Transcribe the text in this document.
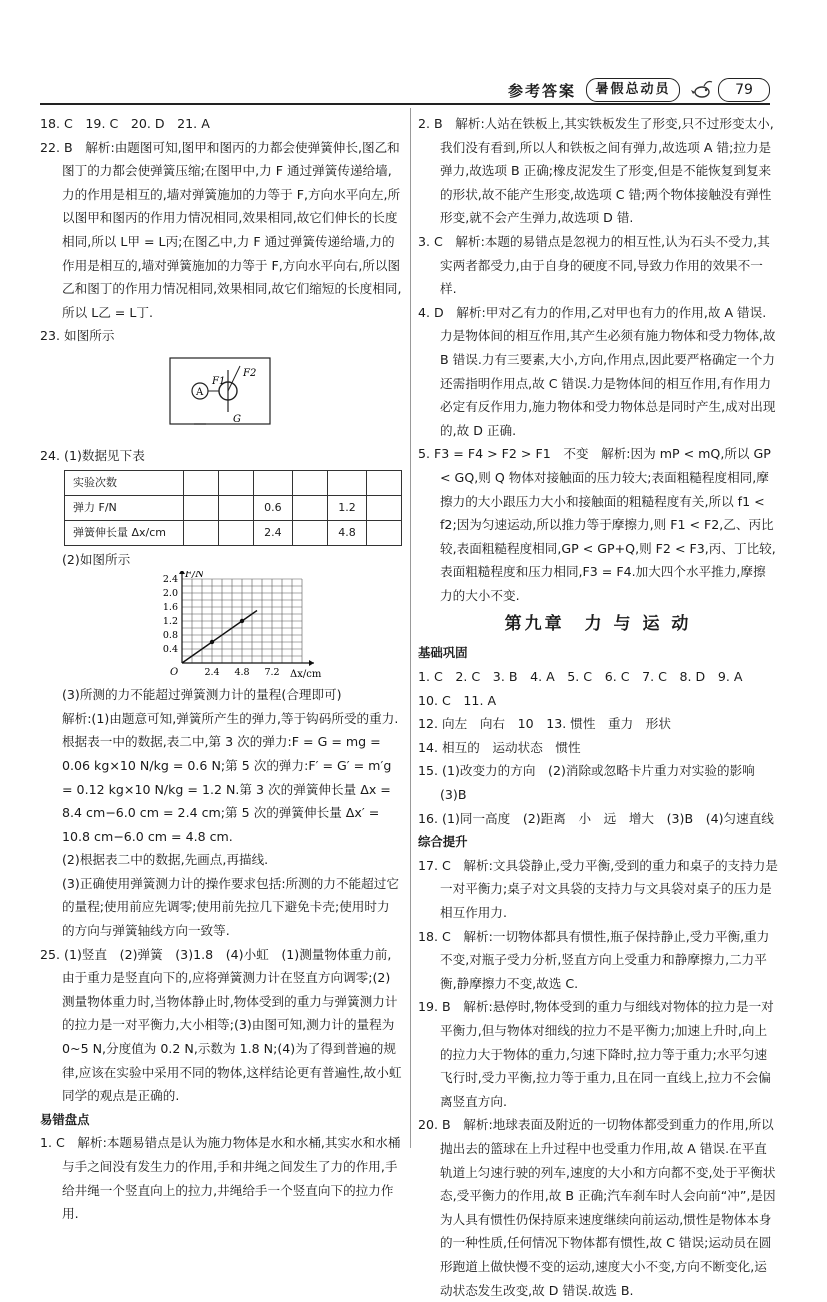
参考答案	暑假总动员	79

18. C　19. C　20. D　21. A

22. B　解析:由题图可知,图甲和图丙的力都会使弹簧伸长,图乙和图丁的力都会使弹簧压缩;在图甲中,力 F 通过弹簧传递给墙,力的作用是相互的,墙对弹簧施加的力等于 F,方向水平向左,所以图甲和图丙的作用力情况相同,效果相同,故它们伸长的长度相同,所以 L甲 = L丙;在图乙中,力 F 通过弹簧传递给墙,力的作用是相互的,墙对弹簧施加的力等于 F,方向水平向右,所以图乙和图丁的作用力情况相同,效果相同,故它们缩短的长度相同,所以 L乙 = L丁.

23. 如图所示

A
F1
F2
G

24. (1)数据见下表

实验次数						
弹力 F/N			0.6		1.2	
弹簧伸长量 Δx/cm			2.4		4.8	

(2)如图所示

F/N
Δx/cm
O
0.4
0.8
1.2
1.6
2.0
2.4
2.4 4.8 7.2

(3)所测的力不能超过弹簧测力计的量程(合理即可)

解析:(1)由题意可知,弹簧所产生的弹力,等于钩码所受的重力.根据表一中的数据,表二中,第 3 次的弹力:F = G = mg = 0.06 kg×10 N/kg = 0.6 N;第 5 次的弹力:F′ = G′ = m′g = 0.12 kg×10 N/kg = 1.2 N.第 3 次的弹簧伸长量 Δx = 8.4 cm−6.0 cm = 2.4 cm;第 5 次的弹簧伸长量 Δx′ = 10.8 cm−6.0 cm = 4.8 cm.

(2)根据表二中的数据,先画点,再描线.

(3)正确使用弹簧测力计的操作要求包括:所测的力不能超过它的量程;使用前应先调零;使用前先拉几下避免卡壳;使用时力的方向与弹簧轴线方向一致等.

25. (1)竖直　(2)弹簧　(3)1.8　(4)小虹　(1)测量物体重力前,由于重力是竖直向下的,应将弹簧测力计在竖直方向调零;(2)测量物体重力时,当物体静止时,物体受到的重力与弹簧测力计的拉力是一对平衡力,大小相等;(3)由图可知,测力计的量程为 0~5 N,分度值为 0.2 N,示数为 1.8 N;(4)为了得到普遍的规律,应该在实验中采用不同的物体,这样结论更有普遍性,故小虹同学的观点是正确的.

易错盘点

1. C　解析:本题易错点是认为施力物体是水和水桶,其实水和水桶与手之间没有发生力的作用,手和井绳之间发生了力的作用,手给井绳一个竖直向上的拉力,井绳给手一个竖直向下的拉力作用.

2. B　解析:人站在铁板上,其实铁板发生了形变,只不过形变太小,我们没有看到,所以人和铁板之间有弹力,故选项 A 错;拉力是弹力,故选项 B 正确;橡皮泥发生了形变,但是不能恢复到复来的形状,故不能产生形变,故选项 C 错;两个物体接触没有弹性形变,就不会产生弹力,故选项 D 错.

3. C　解析:本题的易错点是忽视力的相互性,认为石头不受力,其实两者都受力,由于自身的硬度不同,导致力作用的效果不一样.

4. D　解析:甲对乙有力的作用,乙对甲也有力的作用,故 A 错误.力是物体间的相互作用,其产生必须有施力物体和受力物体,故 B 错误.力有三要素,大小,方向,作用点,因此要严格确定一个力还需指明作用点,故 C 错误.力是物体间的相互作用,有作用力必定有反作用力,施力物体和受力物体总是同时产生,成对出现的,故 D 正确.

5. F3 = F4 > F2 > F1　不变　解析:因为 mP < mQ,所以 GP < GQ,则 Q 物体对接触面的压力较大;表面粗糙程度相同,摩擦力的大小跟压力大小和接触面的粗糙程度有关,所以 f1 < f2;因为匀速运动,所以推力等于摩擦力,则 F1 < F2,乙、丙比较,表面粗糙程度相同,GP < GP+Q,则 F2 < F3,丙、丁比较,表面粗糙程度和压力相同,F3 = F4.加大四个水平推力,摩擦力的大小不变.

第九章　力 与 运 动

基础巩固

1. C　2. C　3. B　4. A　5. C　6. C　7. C　8. D　9. A

10. C　11. A

12. 向左　向右　10　13. 惯性　重力　形状

14. 相互的　运动状态　惯性

15. (1)改变力的方向　(2)消除或忽略卡片重力对实验的影响　(3)B

16. (1)同一高度　(2)距离　小　远　增大　(3)B　(4)匀速直线

综合提升

17. C　解析:文具袋静止,受力平衡,受到的重力和桌子的支持力是一对平衡力;桌子对文具袋的支持力与文具袋对桌子的压力是相互作用力.

18. C　解析:一切物体都具有惯性,瓶子保持静止,受力平衡,重力不变,对瓶子受力分析,竖直方向上受重力和静摩擦力,二力平衡,静摩擦力不变,故选 C.

19. B　解析:悬停时,物体受到的重力与细线对物体的拉力是一对平衡力,但与物体对细线的拉力不是平衡力;加速上升时,向上的拉力大于物体的重力,匀速下降时,拉力等于重力;水平匀速飞行时,受力平衡,拉力等于重力,且在同一直线上,拉力不会偏离竖直方向.

20. B　解析:地球表面及附近的一切物体都受到重力的作用,所以抛出去的篮球在上升过程中也受重力作用,故 A 错误.在平直轨道上匀速行驶的列车,速度的大小和方向都不变,处于平衡状态,受平衡力的作用,故 B 正确;汽车刹车时人会向前“冲”,是因为人具有惯性仍保持原来速度继续向前运动,惯性是物体本身的一种性质,任何情况下物体都有惯性,故 C 错误;运动员在圆形跑道上做快慢不变的运动,速度大小不变,方向不断变化,运动状态发生改变,故 D 错误.故选 B.
